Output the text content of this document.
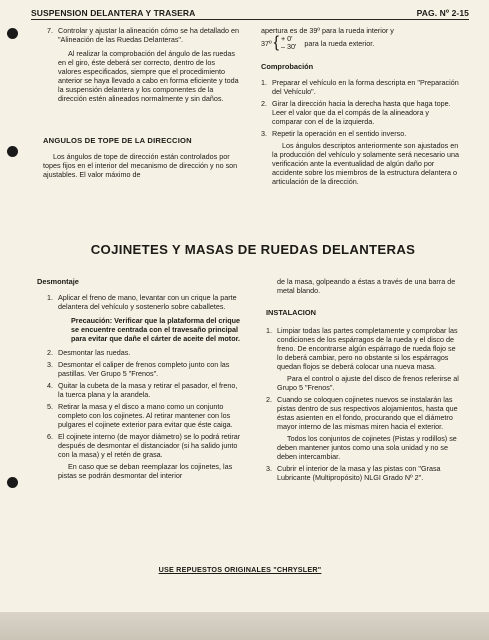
SUSPENSION DELANTERA Y TRASERA	PAG. Nº 2-15
7. Controlar y ajustar la alineación cómo se ha detallado en "Alineación de las Ruedas Delanteras".

Al realizar la comprobación del ángulo de las ruedas en el giro, éste deberá ser correcto, dentro de los valores especificados, siempre que el procedimiento anterior se haya llevado a cabo en forma eficiente y toda la suspensión delantera y los componentes de la dirección estén alineados normalmente y sin daños.

ANGULOS DE TOPE DE LA DIRECCION

Los ángulos de tope de dirección están controlados por topes fijos en el interior del mecanismo de dirección y no son ajustables. El valor máximo de

apertura es de 39º para la rueda interior y

37º { + 0'
– 30' para la rueda exterior.

Comprobación

1. Preparar el vehículo en la forma descripta en "Preparación del Vehículo".
2. Girar la dirección hacia la derecha hasta que haga tope. Leer el valor que da el compás de la alineadora y comparar con el de la izquierda.
3. Repetir la operación en el sentido inverso.

Los ángulos descriptos anteriormente son ajustados en la producción del vehículo y solamente será necesario una verificación ante la eventualidad de algún daño por accidente sobre los miembros de la estructura delantera o articulación de la dirección.

COJINETES Y MASAS DE RUEDAS DELANTERAS

Desmontaje

1. Aplicar el freno de mano, levantar con un crique la parte delantera del vehículo y sostenerlo sobre caballetes.
Precaución: Verificar que la plataforma del crique se encuentre centrada con el travesaño principal para evitar que dañe el cárter de aceite del motor.
2. Desmontar las ruedas.
3. Desmontar el caliper de frenos completo junto con las pastillas. Ver Grupo 5 "Frenos".
4. Quitar la cubeta de la masa y retirar el pasador, el freno, la tuerca plana y la arandela.
5. Retirar la masa y el disco a mano como un conjunto completo con los cojinetes. Al retirar mantener con los pulgares el cojinete exterior para evitar que éste caiga.
6. El cojinete interno (de mayor diámetro) se lo podrá retirar después de desmontar el distanciador (si ha salido junto con la masa) y el retén de grasa.

En caso que se deban reemplazar los cojinetes, las pistas se podrán desmontar del interior

de la masa, golpeando a éstas a través de una barra de metal blando.

INSTALACION

1. Limpiar todas las partes completamente y comprobar las condiciones de los espárragos de la rueda y el disco de freno. De encontrarse algún espárrago de rueda flojo se lo deberá cambiar, pero no obstante si los espárragos quedan flojos se deberá colocar una nueva masa.

Para el control o ajuste del disco de frenos referirse al Grupo 5 "Frenos".

2. Cuando se coloquen cojinetes nuevos se instalarán las pistas dentro de sus respectivos alojamientos, hasta que éstas asienten en el fondo, procurando que el diámetro mayor interno de las mismas miren hacia el exterior.

Todos los conjuntos de cojinetes (Pistas y rodillos) se deben mantener juntos como una sola unidad y no se deben intercambiar.

3. Cubrir el interior de la masa y las pistas con "Grasa Lubricante (Multipropósito) NLGI Grado Nº 2".
USE REPUESTOS ORIGINALES "CHRYSLER"
